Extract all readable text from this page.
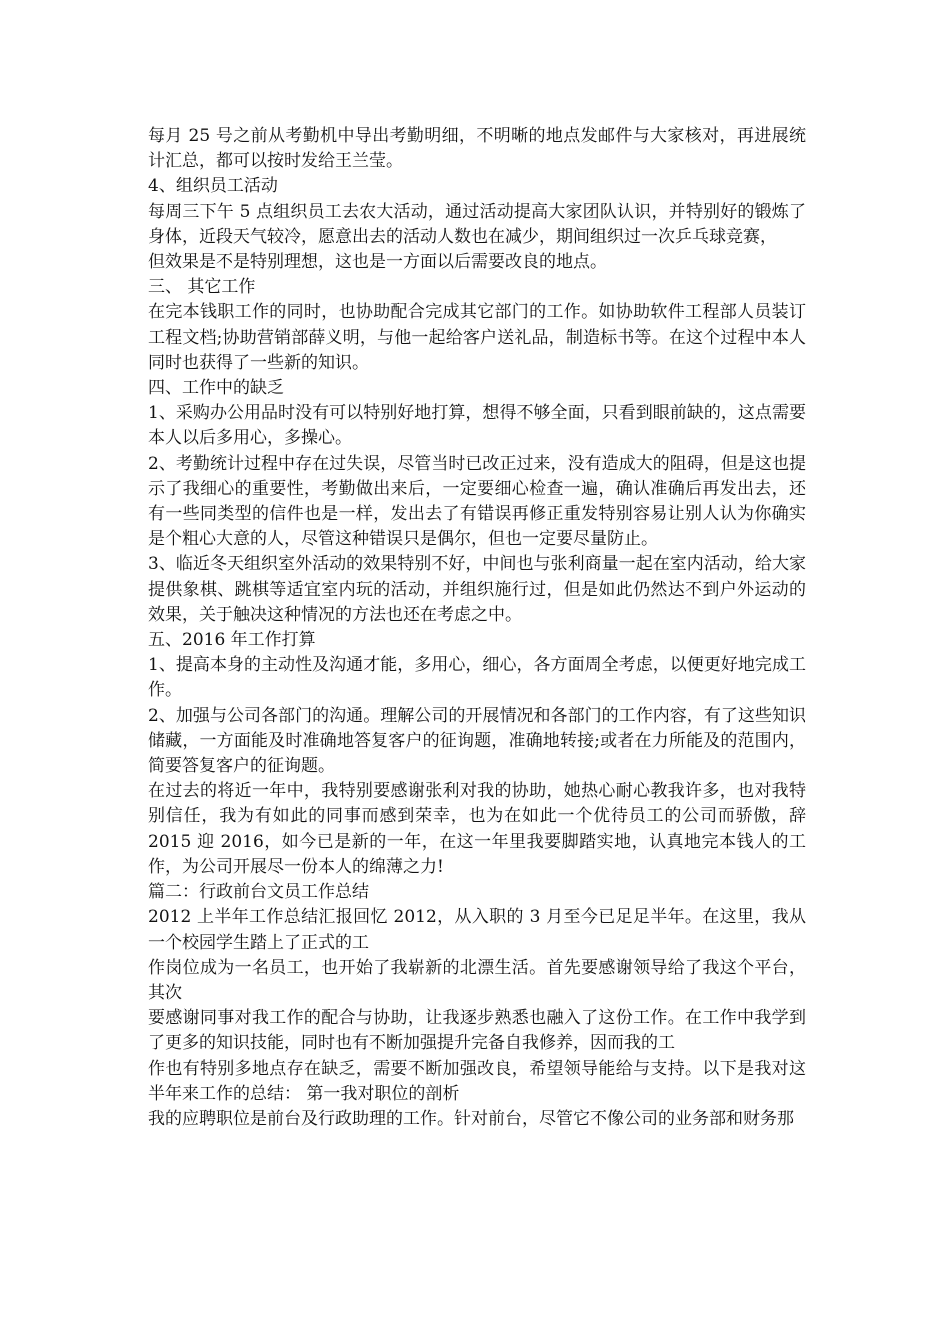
每月 25 号之前从考勤机中导出考勤明细，不明晰的地点发邮件与大家核对，再进展统计汇总，都可以按时发给王兰莹。

4、组织员工活动

每周三下午 5 点组织员工去农大活动，通过活动提高大家团队认识，并特别好的锻炼了身体，近段天气较冷，愿意出去的活动人数也在减少，期间组织过一次乒乓球竞赛，

但效果是不是特别理想，这也是一方面以后需要改良的地点。

三、 其它工作

在完本钱职工作的同时，也协助配合完成其它部门的工作。如协助软件工程部人员装订工程文档;协助营销部薛义明，与他一起给客户送礼品，制造标书等。在这个过程中本人同时也获得了一些新的知识。

四、工作中的缺乏

1、采购办公用品时没有可以特别好地打算，想得不够全面，只看到眼前缺的，这点需要本人以后多用心，多操心。

2、考勤统计过程中存在过失误，尽管当时已改正过来，没有造成大的阻碍，但是这也提示了我细心的重要性，考勤做出来后，一定要细心检查一遍，确认准确后再发出去，还有一些同类型的信件也是一样，发出去了有错误再修正重发特别容易让别人认为你确实是个粗心大意的人，尽管这种错误只是偶尔，但也一定要尽量防止。

3、临近冬天组织室外活动的效果特别不好，中间也与张利商量一起在室内活动，给大家提供象棋、跳棋等适宜室内玩的活动，并组织施行过，但是如此仍然达不到户外运动的效果，关于触决这种情况的方法也还在考虑之中。

五、2016 年工作打算

1、提高本身的主动性及沟通才能，多用心，细心，各方面周全考虑，以便更好地完成工作。

2、加强与公司各部门的沟通。理解公司的开展情况和各部门的工作内容，有了这些知识储藏，一方面能及时准确地答复客户的征询题，准确地转接;或者在力所能及的范围内，简要答复客户的征询题。

在过去的将近一年中，我特别要感谢张利对我的协助，她热心耐心教我许多，也对我特别信任，我为有如此的同事而感到荣幸，也为在如此一个优待员工的公司而骄傲，辞 2015 迎 2016，如今已是新的一年，在这一年里我要脚踏实地，认真地完本钱人的工作，为公司开展尽一份本人的绵薄之力!

篇二：行政前台文员工作总结

2012 上半年工作总结汇报回忆 2012，从入职的 3 月至今已足足半年。在这里，我从一个校园学生踏上了正式的工

作岗位成为一名员工，也开始了我崭新的北漂生活。首先要感谢领导给了我这个平台，其次

要感谢同事对我工作的配合与协助，让我逐步熟悉也融入了这份工作。在工作中我学到了更多的知识技能，同时也有不断加强提升完备自我修养，因而我的工

作也有特别多地点存在缺乏，需要不断加强改良，希望领导能给与支持。以下是我对这半年来工作的总结： 第一我对职位的剖析

我的应聘职位是前台及行政助理的工作。针对前台，尽管它不像公司的业务部和财务那
